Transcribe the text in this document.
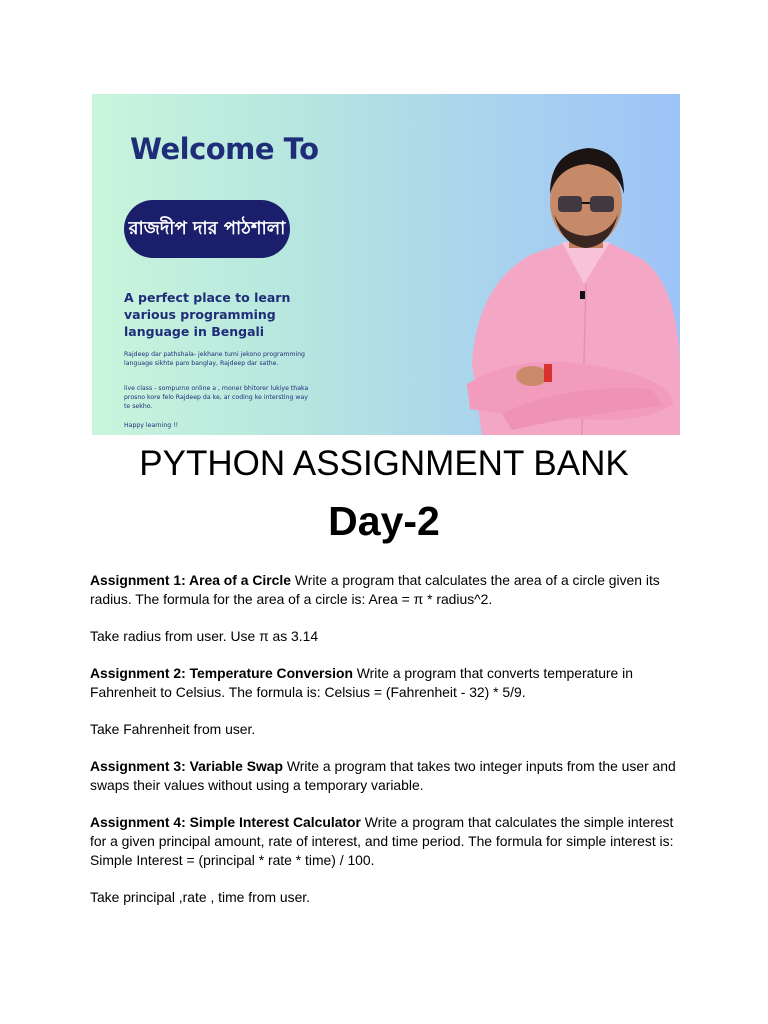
Welcome To
রাজদীপ দার পাঠশালা
A perfect place to learn various programming language in Bengali
Rajdeep dar pathshala- jekhane tumi jekono programming language sikhte paro banglay, Rajdeep dar sathe.
live class - sompurno online a , moner bhitorer lukiye thaka prosno kore felo Rajdeep da ke, ar coding ke intersting way te sekho.
Happy learning !!
PYTHON ASSIGNMENT BANK
Day-2

Assignment 1: Area of a Circle Write a program that calculates the area of a circle given its radius. The formula for the area of a circle is: Area = π * radius^2.

Take radius from user. Use π as 3.14

Assignment 2: Temperature Conversion Write a program that converts temperature in Fahrenheit to Celsius. The formula is: Celsius = (Fahrenheit - 32) * 5/9.

Take Fahrenheit from user.

Assignment 3: Variable Swap Write a program that takes two integer inputs from the user and swaps their values without using a temporary variable.

Assignment 4: Simple Interest Calculator Write a program that calculates the simple interest for a given principal amount, rate of interest, and time period. The formula for simple interest is: Simple Interest = (principal * rate * time) / 100.

Take principal ,rate , time from user.
